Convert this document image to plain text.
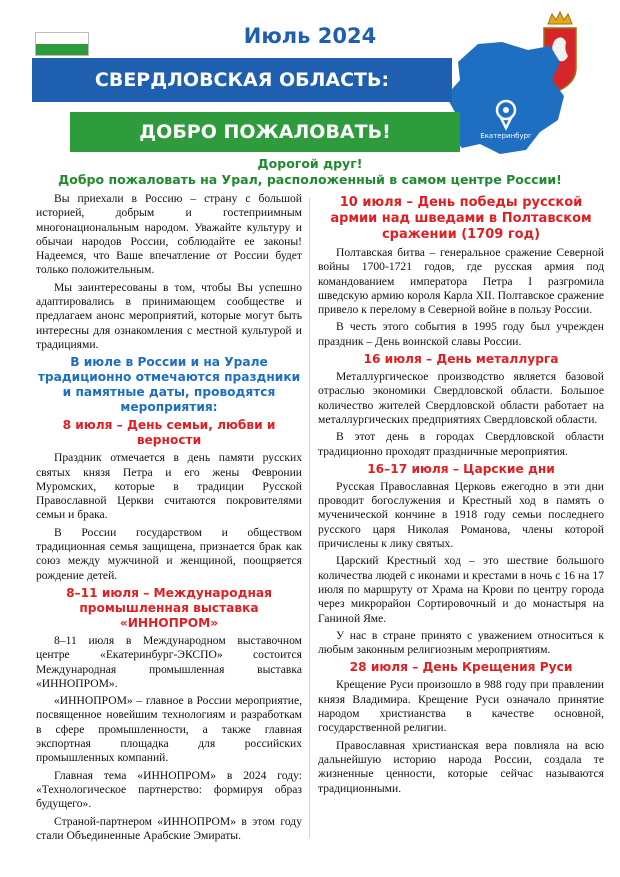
Июль 2024
Екатеринбург
СВЕРДЛОВСКАЯ ОБЛАСТЬ:
ДОБРО ПОЖАЛОВАТЬ!
Дорогой друг!
Добро пожаловать на Урал, расположенный в самом центре России!

Вы приехали в Россию – страну с большой историей, добрым и гостеприимным многонациональным народом. Уважайте культуру и обычаи народов России, соблюдайте ее законы! Надеемся, что Ваше впечатление от России будет только положительным.

Мы заинтересованы в том, чтобы Вы успешно адаптировались в принимающем сообществе и предлагаем анонс мероприятий, которые могут быть интересны для ознакомления с местной культурой и традициями.

В июле в России и на Урале традиционно отмечаются праздники и памятные даты, проводятся мероприятия:
8 июля – День семьи, любви и верности

Праздник отмечается в день памяти русских святых князя Петра и его жены Февронии Муромских, которые в традиции Русской Православной Церкви считаются покровителями семьи и брака.

В России государством и обществом традиционная семья защищена, признается брак как союз между мужчиной и женщиной, поощряется рождение детей.

8–11 июля – Международная промышленная выставка «ИННОПРОМ»

8–11 июля в Международном выставочном центре «Екатеринбург-ЭКСПО» состоится Международная промышленная выставка «ИННОПРОМ».

«ИННОПРОМ» – главное в России мероприятие, посвященное новейшим технологиям и разработкам в сфере промышленности, а также главная экспортная площадка для российских промышленных компаний.

Главная тема «ИННОПРОМ» в 2024 году: «Технологическое партнерство: формируя образ будущего».

Страной-партнером «ИННОПРОМ» в этом году стали Объединенные Арабские Эмираты.

10 июля – День победы русской армии над шведами в Полтавском сражении (1709 год)

Полтавская битва – генеральное сражение Северной войны 1700-1721 годов, где русская армия под командованием императора Петра I разгромила шведскую армию короля Карла XII. Полтавское сражение привело к перелому в Северной войне в пользу России.

В честь этого события в 1995 году был учрежден праздник – День воинской славы России.

16 июля – День металлурга

Металлургическое производство является базовой отраслью экономики Свердловской области. Большое количество жителей Свердловской области работает на металлургических предприятиях Свердловской области.

В этот день в городах Свердловской области традиционно проходят праздничные мероприятия.

16–17 июля – Царские дни

Русская Православная Церковь ежегодно в эти дни проводит богослужения и Крестный ход в память о мученической кончине в 1918 году семьи последнего русского царя Николая Романова, члены которой причислены к лику святых.

Царский Крестный ход – это шествие большого количества людей с иконами и крестами в ночь с 16 на 17 июля по маршруту от Храма на Крови по центру города через микрорайон Сортировочный и до монастыря на Ганиной Яме.

У нас в стране принято с уважением относиться к любым законным религиозным мероприятиям.

28 июля – День Крещения Руси

Крещение Руси произошло в 988 году при правлении князя Владимира. Крещение Руси означало принятие народом христианства в качестве основной, государственной религии.

Православная христианская вера повлияла на всю дальнейшую историю народа России, создала те жизненные ценности, которые сейчас называются традиционными.
